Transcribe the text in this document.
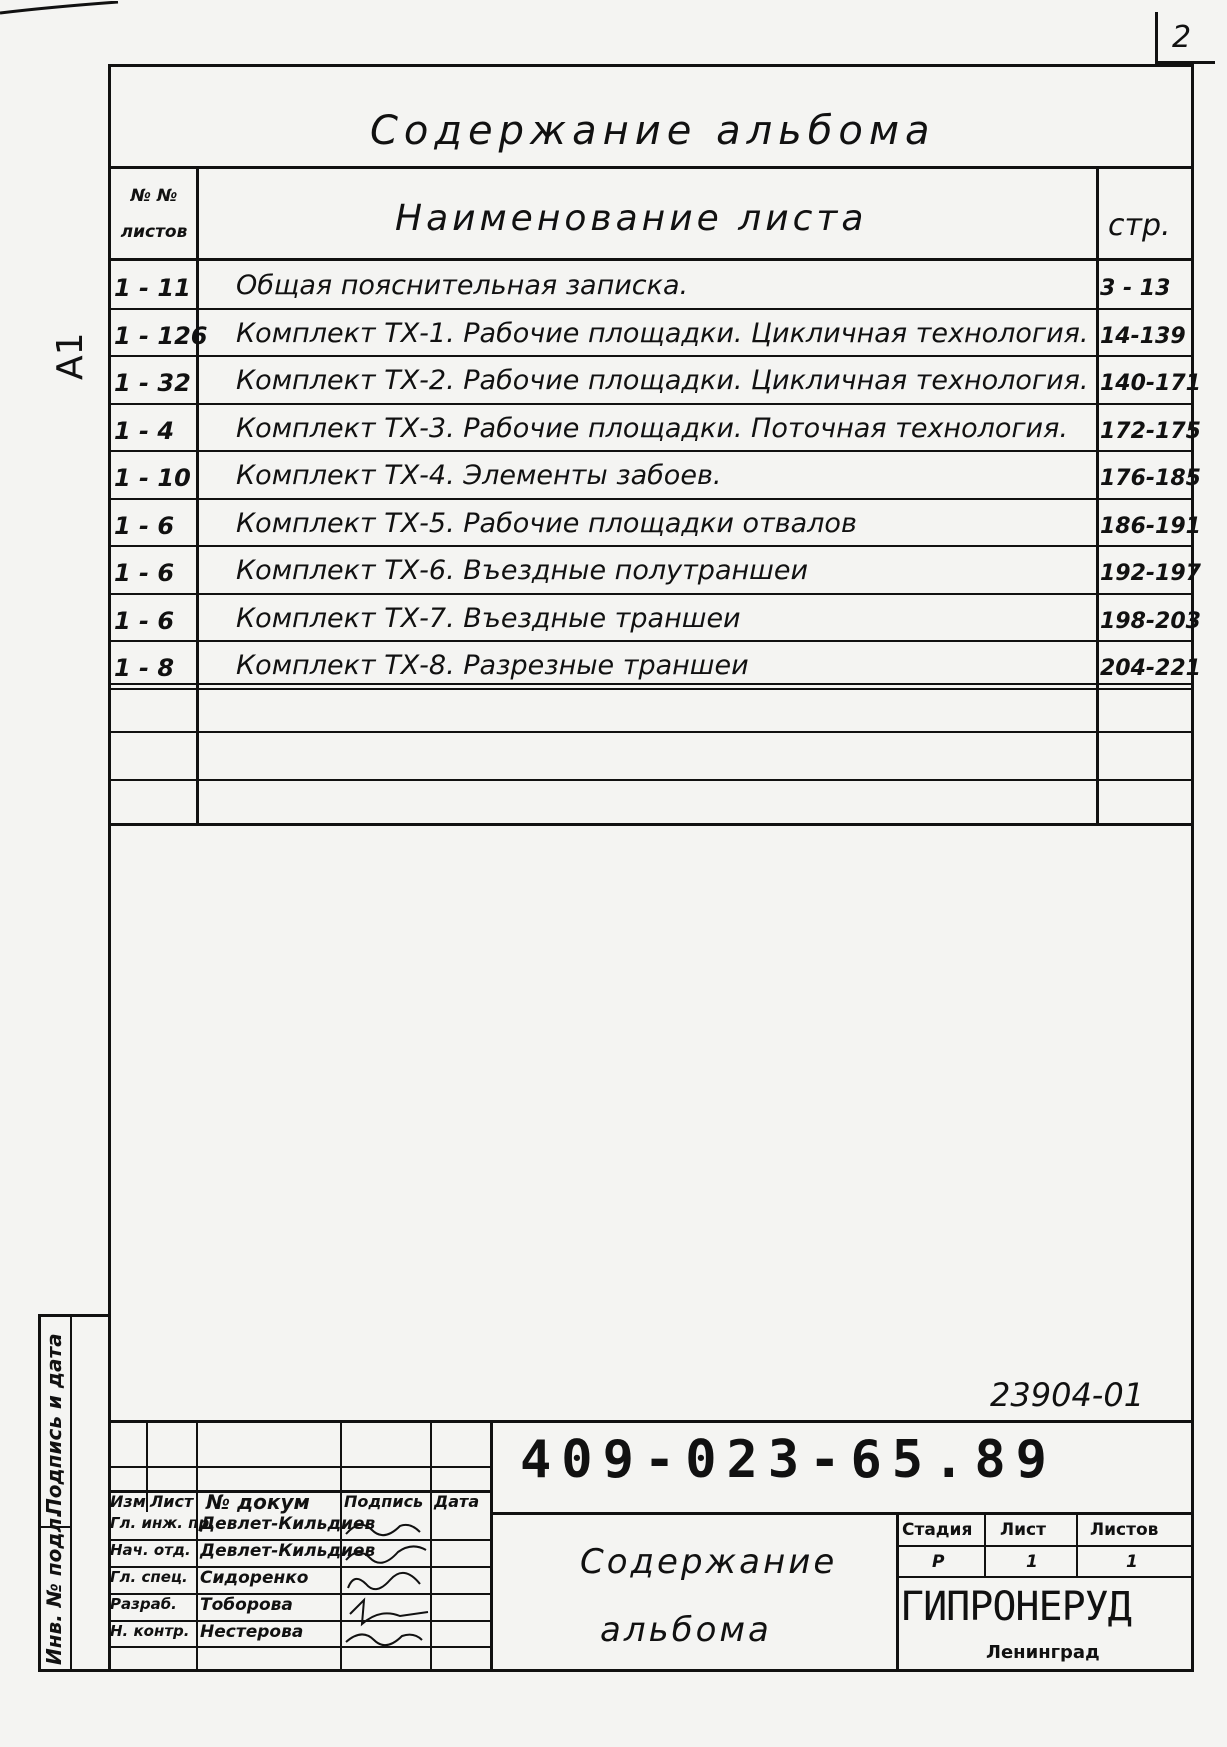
2
A1
Содержание альбома
№ № листов	Наименование листа	стр.
1 - 11 Общая пояснительная записка.	3 - 13
1 - 126 Комплект ТХ-1. Рабочие площадки. Цикличная технология. 14-139
1 - 32 Комплект ТХ-2. Рабочие площадки. Цикличная технология. 140-171
1 - 4 Комплект ТХ-3. Рабочие площадки. Поточная технология. 172-175
1 - 10 Комплект ТХ-4. Элементы забоев.	176-185
1 - 6 Комплект ТХ-5. Рабочие площадки отвалов	186-191
1 - 6 Комплект ТХ-6. Въездные полутраншеи	192-197
1 - 6 Комплект ТХ-7. Въездные траншеи	198-203
1 - 8 Комплект ТХ-8. Разрезные траншеи	204-221
23904-01
Подпись и дата
Инв. № подл.
Изм Лист № докум Подпись Дата
Гл. инж. пр.
Девлет-Кильдиев
Нач. отд. Девлет-Кильдиев
Гл. спец. Сидоренко
Разраб. Тоборова
Н. контр. Нестерова
409-023-65.89
Содержание
альбома
Стадия Лист	Листов
Р	1	1
ГИПРОНЕРУД
Ленинград
